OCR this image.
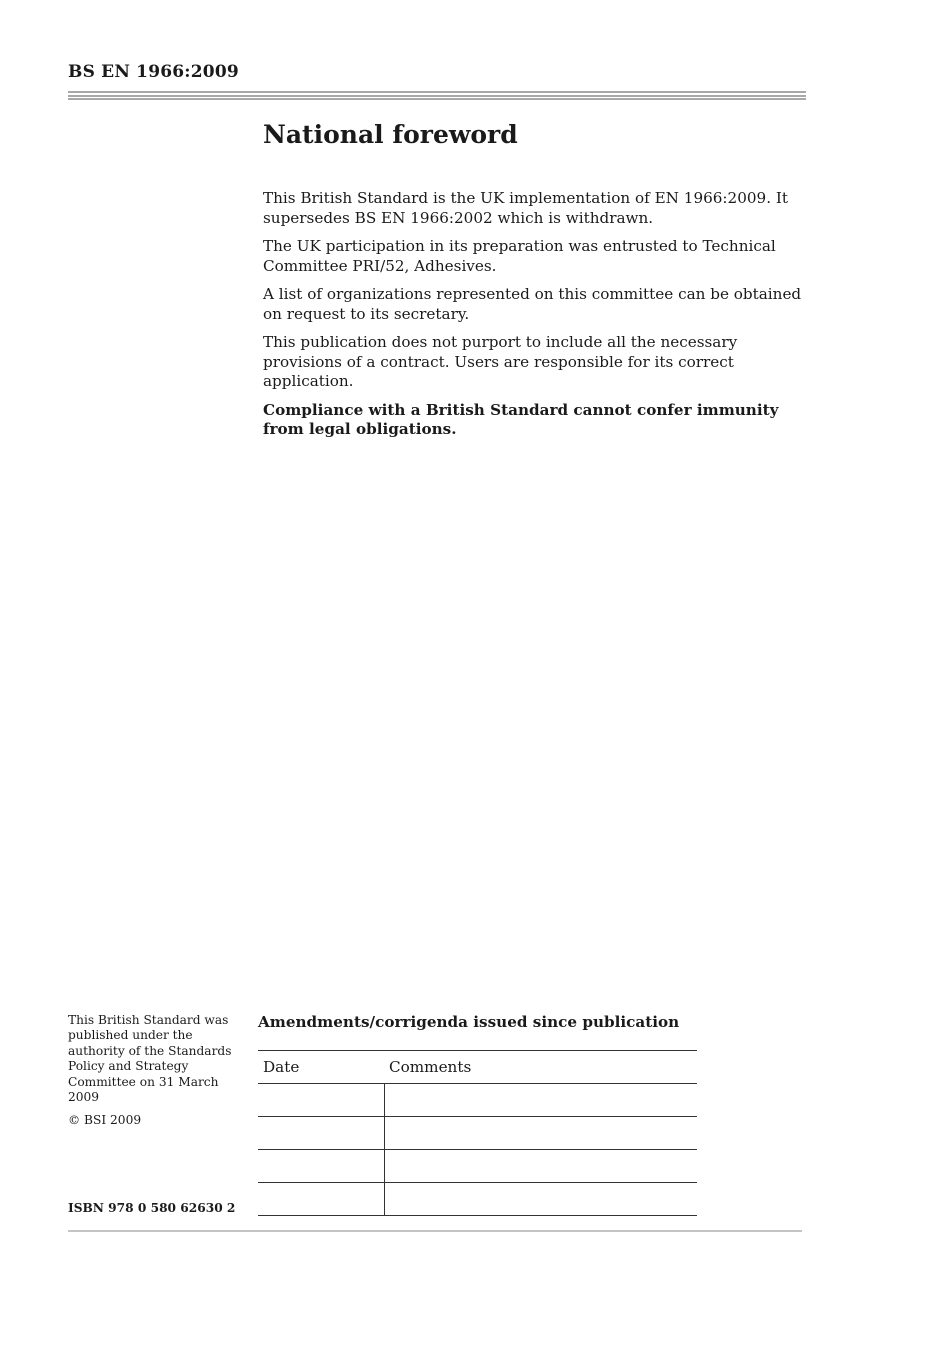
BS EN 1966:2009
National foreword

This British Standard is the UK implementation of EN 1966:2009. It supersedes BS EN 1966:2002 which is withdrawn.

The UK participation in its preparation was entrusted to Technical Committee PRI/52, Adhesives.

A list of organizations represented on this committee can be obtained on request to its secretary.

This publication does not purport to include all the necessary provisions of a contract. Users are responsible for its correct application.

Compliance with a British Standard cannot confer immunity from legal obligations.

This British Standard was published under the authority of the Standards Policy and Strategy Committee on 31 March 2009

© BSI 2009

ISBN 978 0 580 62630 2
Amendments/corrigenda issued since publication
Date	Comments
